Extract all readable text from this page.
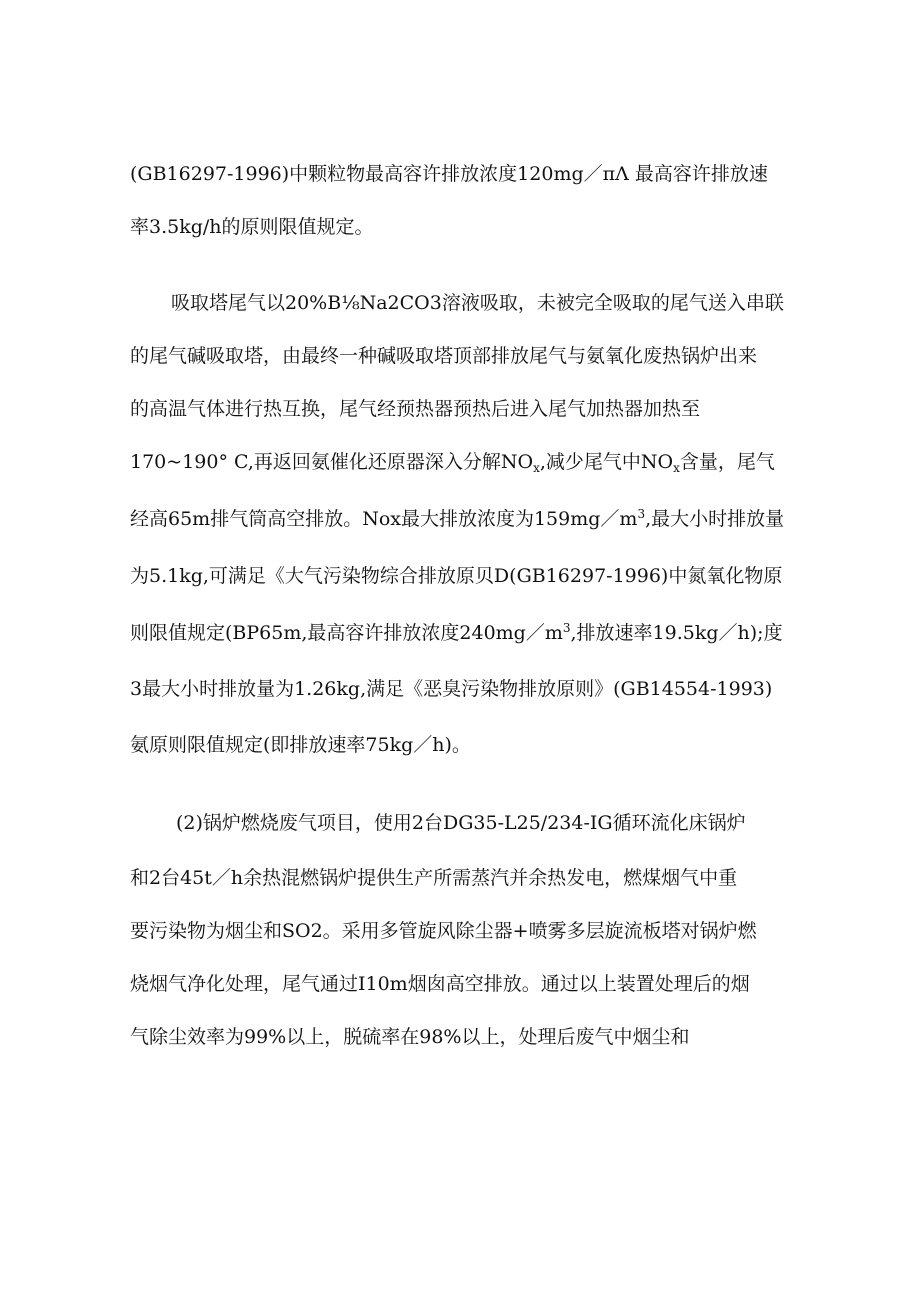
(GB16297-1996)中颗粒物最高容许排放浓度120mg／πΛ 最高容许排放速

率3.5kg/h的原则限值规定。

吸取塔尾气以20%B⅛Na2CO3溶液吸取，未被完全吸取的尾气送入串联

的尾气碱吸取塔，由最终一种碱吸取塔顶部排放尾气与氨氧化废热锅炉出来

的高温气体进行热互换，尾气经预热器预热后进入尾气加热器加热至

170~190° C,再返回氨催化还原器深入分解$NO_x$,减少尾气中$NO_x$含量，尾气

经高65m排气筒高空排放。Nox最大排放浓度为$159mg/m^3$,最大小时排放量

为5.1kg,可满足《大气污染物综合排放原贝D(GB16297-1996)中氮氧化物原

则限值规定(BP65m,最高容许排放浓度$240mg/m^3$,排放速率19.5kg／h);度

3最大小时排放量为1.26kg,满足《恶臭污染物排放原则》(GB14554-1993)

氨原则限值规定(即排放速率75kg／h)。

(2)锅炉燃烧废气项目，使用2台DG35-L25/234-IG循环流化床锅炉

和2台45t／h余热混燃锅炉提供生产所需蒸汽并余热发电，燃煤烟气中重

要污染物为烟尘和SO2。采用多管旋风除尘器+喷雾多层旋流板塔对锅炉燃

烧烟气净化处理，尾气通过I10m烟囱高空排放。通过以上装置处理后的烟

气除尘效率为99%以上，脱硫率在98%以上，处理后废气中烟尘和
